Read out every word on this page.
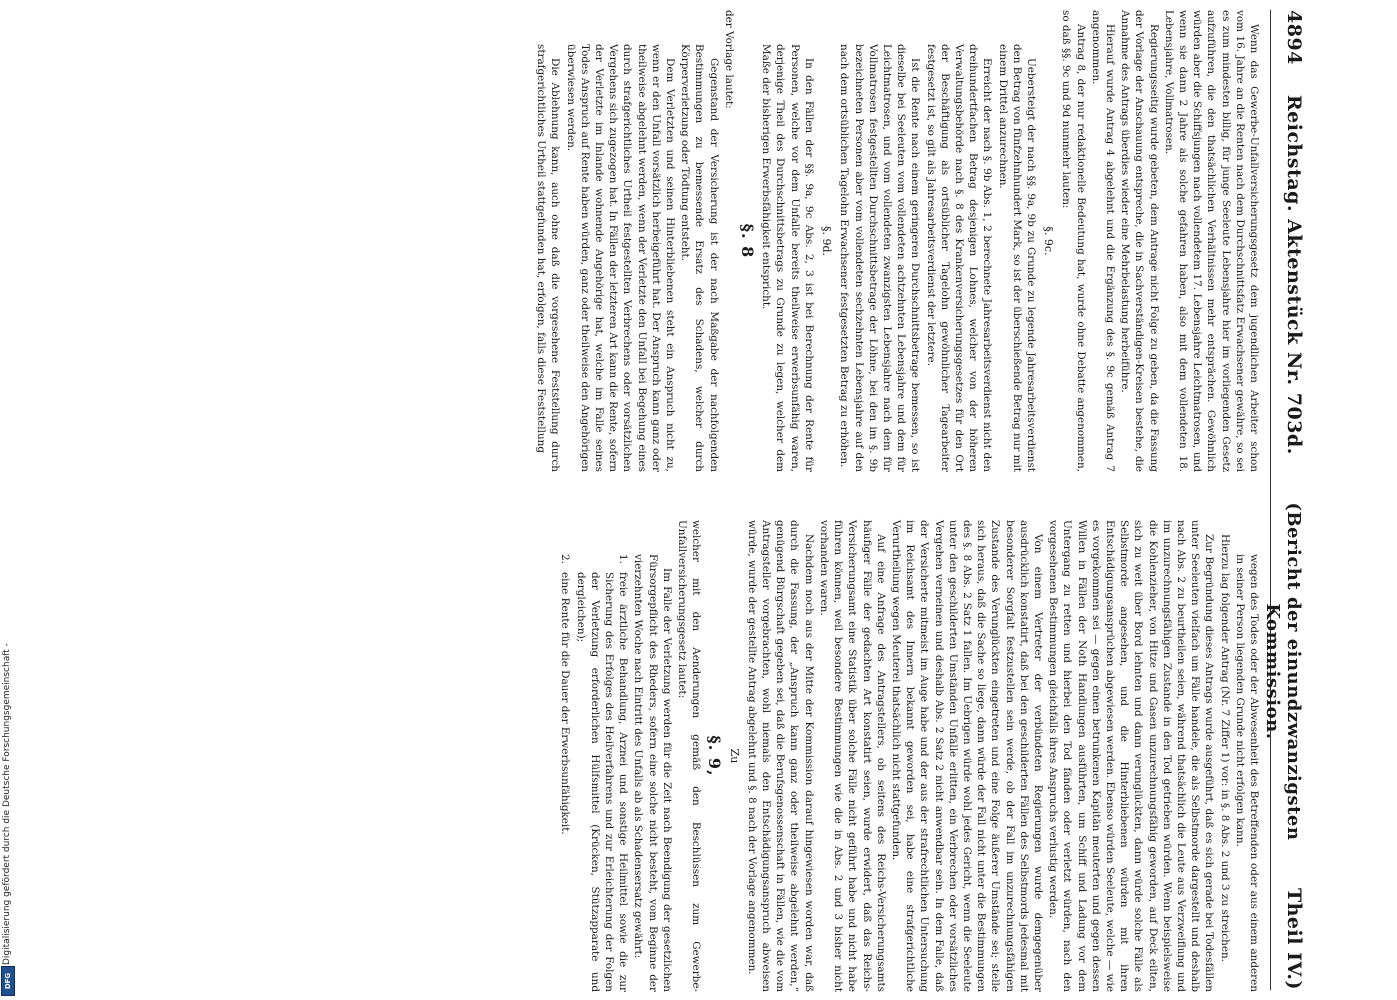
4894
Reichstag. Aktenstück Nr. 703d.
(Bericht der einundzwanzigsten Kommission.
Theil IV.)

Wenn das Gewerbe-Unfallversicherungsgesetz dem jugendlichen Arbeiter schon vom 16. Jahre an die Renten nach dem Durchschnittsfatz Erwachsener gewähre, so sei es zum mindesten billig, für junge Seeleute Lebensjahre hier im vorliegenden Gesetz aufzuführen, die den thatsächlichen Verhältnissen mehr entsprächen. Gewöhnlich würden aber die Schiffsjungen nach vollendetem 17. Lebensjahre Leichtmatrosen, und wenn sie dann 2 Jahre als solche gefahren haben, also mit dem vollendeten 18. Lebensjahre, Vollmatrosen.

Regierungsseitig wurde gebeten, dem Antrage nicht Folge zu geben, da die Fassung der Vorlage der Anschauung entspreche, die in Sachverständigen-Kreisen bestehe, die Annahme des Antrags überdies wieder eine Mehrbelastung herbeiführe.

Hierauf wurde Antrag 4 abgelehnt und die Ergänzung des §. 9c gemäß Antrag 7 angenommen.

Antrag 8, der nur redaktionelle Bedeutung hat, wurde ohne Debatte angenommen, so daß §§. 9c und 9d nunmehr lauten:

§. 9c.

Uebersteigt der nach §§. 9a, 9b zu Grunde zu legende Jahresarbeitsverdienst den Betrag von fünfzehnhundert Mark, so ist der überschießende Betrag nur mit einem Drittel anzurechnen.

Erreicht der nach §. 9b Abs. 1, 2 berechnete Jahresarbeitsverdienst nicht den dreihundertfachen Betrag desjenigen Lohnes, welcher von der höheren Verwaltungsbehörde nach §. 8 des Krankenversicherungsgesetzes für den Ort der Beschäftigung als ortsüblicher Tagelohn gewöhnlicher Tagearbeiter festgesetzt ist, so gilt als Jahresarbeitsverdienst der letztere.

Ist die Rente nach einem geringeren Durchschnittsbetrage bemessen, so ist dieselbe bei Seeleuten vom vollendeten achtzehnten Lebensjahre und dem für Leichtmatrosen, und vom vollendeten zwanzigsten Lebensjahre nach dem für Vollmatrosen festgestellten Durchschnittsbetrage der Löhne, bei den im §. 9b bezeichneten Personen aber vom vollendeten sechzehnten Lebensjahre auf den nach dem ortsüblichen Tagelohn Erwachsener festgesetzten Betrag zu erhöhen.

§. 9d.

In den Fällen der §§. 9a, 9c Abs. 2, 3 ist bei Berechnung der Rente für Personen, welche vor dem Unfalle bereits theilweise erwerbsunfähig waren, derjenige Theil des Durchschnittsbetrags zu Grunde zu legen, welcher dem Maße der bisherigen Erwerbsfähigkeit entspricht.

§. 8

der Vorlage lautet:

Gegenstand der Versicherung ist der nach Maßgabe der nachfolgenden Bestimmungen zu bemessende Ersatz des Schadens, welcher durch Körperverletzung oder Tödtung entsteht.

Dem Verletzten und seinen Hinterbliebenen steht ein Anspruch nicht zu, wenn er den Unfall vorsätzlich herbeigeführt hat. Der Anspruch kann ganz oder theilweise abgelehnt werden, wenn der Verletzte den Unfall bei Begehung eines durch strafgerichtliches Urtheil festgestellten Verbrechens oder vorsätzlichen Vergehens sich zugezogen hat. In Fällen der letzteren Art kann die Rente, sofern der Verletzte im Inlande wohnende Angehörige hat, welche im Falle seines Todes Anspruch auf Rente haben würden, ganz oder theilweise den Angehörigen überwiesen werden.

Die Ablehnung kann, auch ohne daß die vorgesehene Feststellung durch strafgerichtliches Urtheil stattgefunden hat, erfolgen, falls diese Feststellung

wegen des Todes oder der Abwesenheit des Betreffenden oder aus einem anderen in seiner Person liegenden Grunde nicht erfolgen kann.

Hierzu lag folgender Antrag (Nr. 7 Ziffer 1) vor: in §. 8 Abs. 2 und 3 zu streichen.

Zur Begründung dieses Antrags wurde ausgeführt, daß es sich gerade bei Todesfällen unter Seeleuten vielfach um Fälle handele, die als Selbstmorde dargestellt und deshalb nach Abs. 2 zu beurtheilen seien, während thatsächlich die Leute aus Verzweiflung und im unzurechnungsfähigen Zustande in den Tod getrieben würden. Wenn beispielsweise die Kohlenzieher, von Hitze und Gasen unzurechnungsfähig geworden, auf Deck eilten, sich zu weit über Bord lehnten und dann verunglückten, dann würde solche Fälle als Selbstmorde angesehen, und die Hinterbliebenen würden mit ihren Entschädigungsansprüchen abgewiesen werden. Ebenso würden Seeleute, welche — wie es vorgekommen sei — gegen einen betrunkenen Kapitän meuterten und gegen dessen Willen in Fällen der Noth Handlungen ausführten, um Schiff und Ladung vor dem Untergang zu retten und hierbei den Tod fänden oder verletzt würden, nach den vorgesehenen Bestimmungen gleichfalls ihres Anspruchs verlustig werden.

Von einem Vertreter der verbündeten Regierungen wurde demgegenüber ausdrücklich konstatirt, daß bei den geschilderten Fällen des Selbstmords jedesmal mit besonderer Sorgfalt festzustellen sein werde, ob der Fall im unzurechnungsfähigen Zustande des Verunglückten eingetreten und eine Folge äußerer Umstände sei; stelle sich heraus, daß die Sache so liege, dann würde der Fall nicht unter die Bestimmungen des §. 8 Abs. 2 Satz 1 fallen. Im Uebrigen würde wohl jedes Gericht, wenn die Seeleute unter den geschilderten Umständen Unfälle erlitten, ein Verbrechen oder vorsätzliches Vergehen verneinen und deshalb Abs. 2 Satz 2 nicht anwendbar sein. In dem Falle, daß der Versicherte mitmeist im Auge habe und der aus der strafrechtlichen Untersuchung im Reichsamt des Innern bekannt geworden sei, habe eine strafgerichtliche Verurtheilung wegen Meuterei thatsächlich nicht stattgefunden.

Auf eine Anfrage des Antragstellers, ob seitens des Reichs-Versicherungsamts häufiger Fälle der gedachten Art konstatirt seien, wurde erwidert, daß das Reichs-Versicherungsamt eine Statistik über solche Fälle nicht geführt habe und nicht habe führen können, weil besondere Bestimmungen wie die in Abs. 2 und 3 bisher nicht vorhanden waren.

Nachdem noch aus der Mitte der Kommission darauf hingewiesen worden war, daß durch die Fassung, der „Anspruch kann ganz oder theilweise abgelehnt werden,“ genügend Bürgschaft gegeben sei, daß die Berufsgenossenschaft in Fällen, wie die vom Antragsteller vorgebrachten, wohl niemals den Entschädigungsanspruch abweisen würde, wurde der gestellte Antrag abgelehnt und §. 8 nach der Vorlage angenommen.

Zu
§. 9,

welcher mit den Aenderungen gemäß den Beschlüssen zum Gewerbe-Unfallversicherungsgesetz lautet:

Im Falle der Verletzung werden für die Zeit nach Beendigung der gesetzlichen Fürsorgepflicht des Rheders, sofern eine solche nicht besteht, vom Beginne der vierzehnten Woche nach Eintritt des Unfalls ab als Schadensersatz gewährt:

1.freie ärztliche Behandlung, Arznei und sonstige Heilmittel sowie die zur Sicherung des Erfolges des Heilverfahrens und zur Erleichterung der Folgen der Verletzung erforderlichen Hülfsmittel (Krücken, Stützapparate und dergleichen);

2.eine Rente für die Dauer der Erwerbsunfähigkeit.

Digitalisierung gefördert durch die Deutsche Forschungsgemeinschaft -
DFG
